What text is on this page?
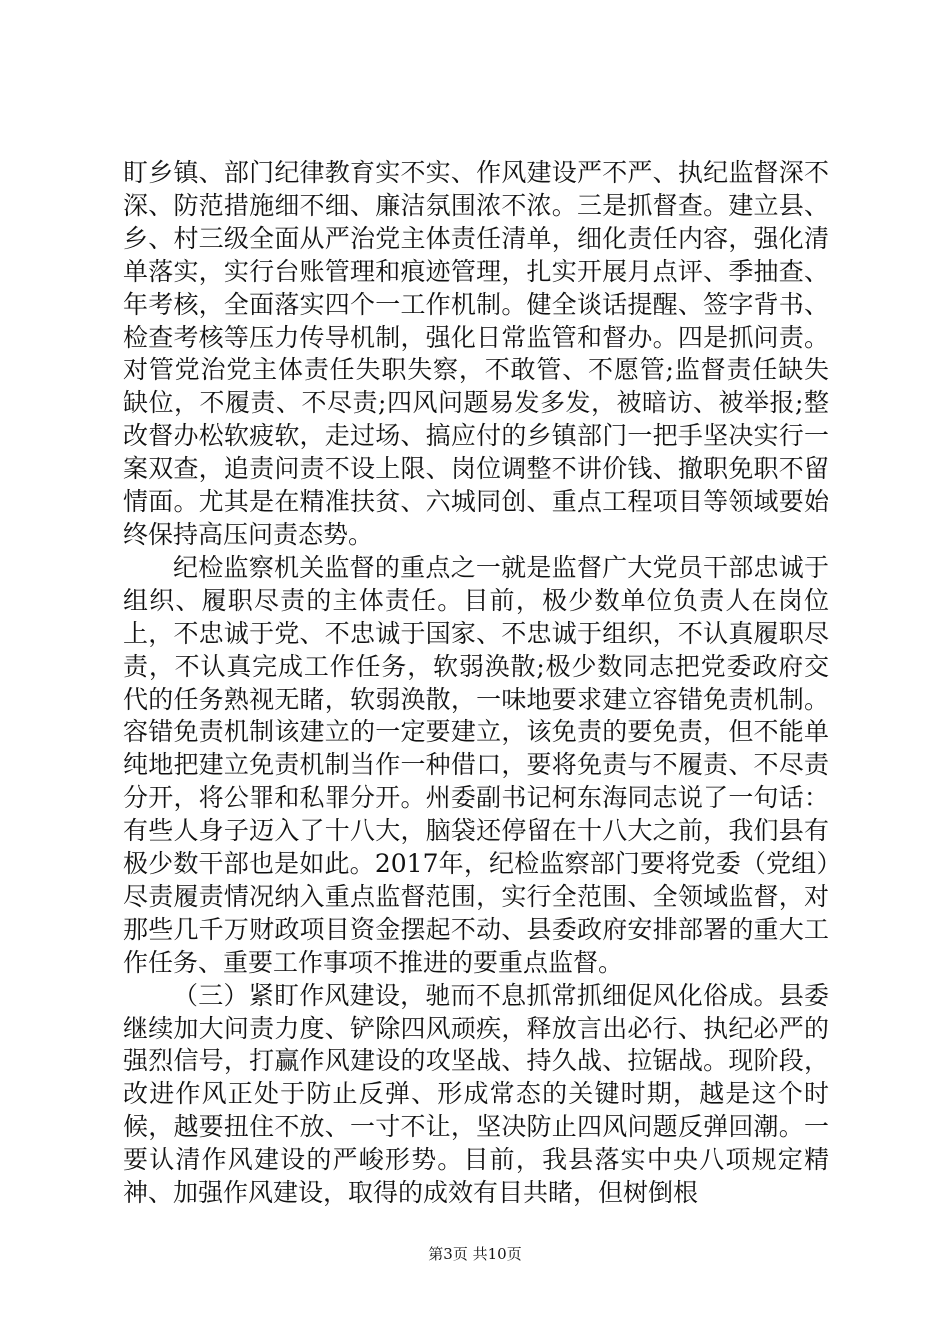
盯乡镇、部门纪律教育实不实、作风建设严不严、执纪监督深不深、防范措施细不细、廉洁氛围浓不浓。三是抓督查。建立县、乡、村三级全面从严治党主体责任清单，细化责任内容，强化清单落实，实行台账管理和痕迹管理，扎实开展月点评、季抽查、年考核，全面落实四个一工作机制。健全谈话提醒、签字背书、检查考核等压力传导机制，强化日常监管和督办。四是抓问责。对管党治党主体责任失职失察，不敢管、不愿管;监督责任缺失缺位，不履责、不尽责;四风问题易发多发，被暗访、被举报;整改督办松软疲软，走过场、搞应付的乡镇部门一把手坚决实行一案双查，追责问责不设上限、岗位调整不讲价钱、撤职免职不留情面。尤其是在精准扶贫、六城同创、重点工程项目等领域要始终保持高压问责态势。

纪检监察机关监督的重点之一就是监督广大党员干部忠诚于组织、履职尽责的主体责任。目前，极少数单位负责人在岗位上，不忠诚于党、不忠诚于国家、不忠诚于组织，不认真履职尽责，不认真完成工作任务，软弱涣散;极少数同志把党委政府交代的任务熟视无睹，软弱涣散，一味地要求建立容错免责机制。容错免责机制该建立的一定要建立，该免责的要免责，但不能单纯地把建立免责机制当作一种借口，要将免责与不履责、不尽责分开，将公罪和私罪分开。州委副书记柯东海同志说了一句话：有些人身子迈入了十八大，脑袋还停留在十八大之前，我们县有极少数干部也是如此。2017年，纪检监察部门要将党委（党组）尽责履责情况纳入重点监督范围，实行全范围、全领域监督，对那些几千万财政项目资金摆起不动、县委政府安排部署的重大工作任务、重要工作事项不推进的要重点监督。

（三）紧盯作风建设，驰而不息抓常抓细促风化俗成。县委继续加大问责力度、铲除四风顽疾，释放言出必行、执纪必严的强烈信号，打赢作风建设的攻坚战、持久战、拉锯战。现阶段，改进作风正处于防止反弹、形成常态的关键时期，越是这个时候，越要扭住不放、一寸不让，坚决防止四风问题反弹回潮。一要认清作风建设的严峻形势。目前，我县落实中央八项规定精神、加强作风建设，取得的成效有目共睹，但树倒根

第3页 共10页
